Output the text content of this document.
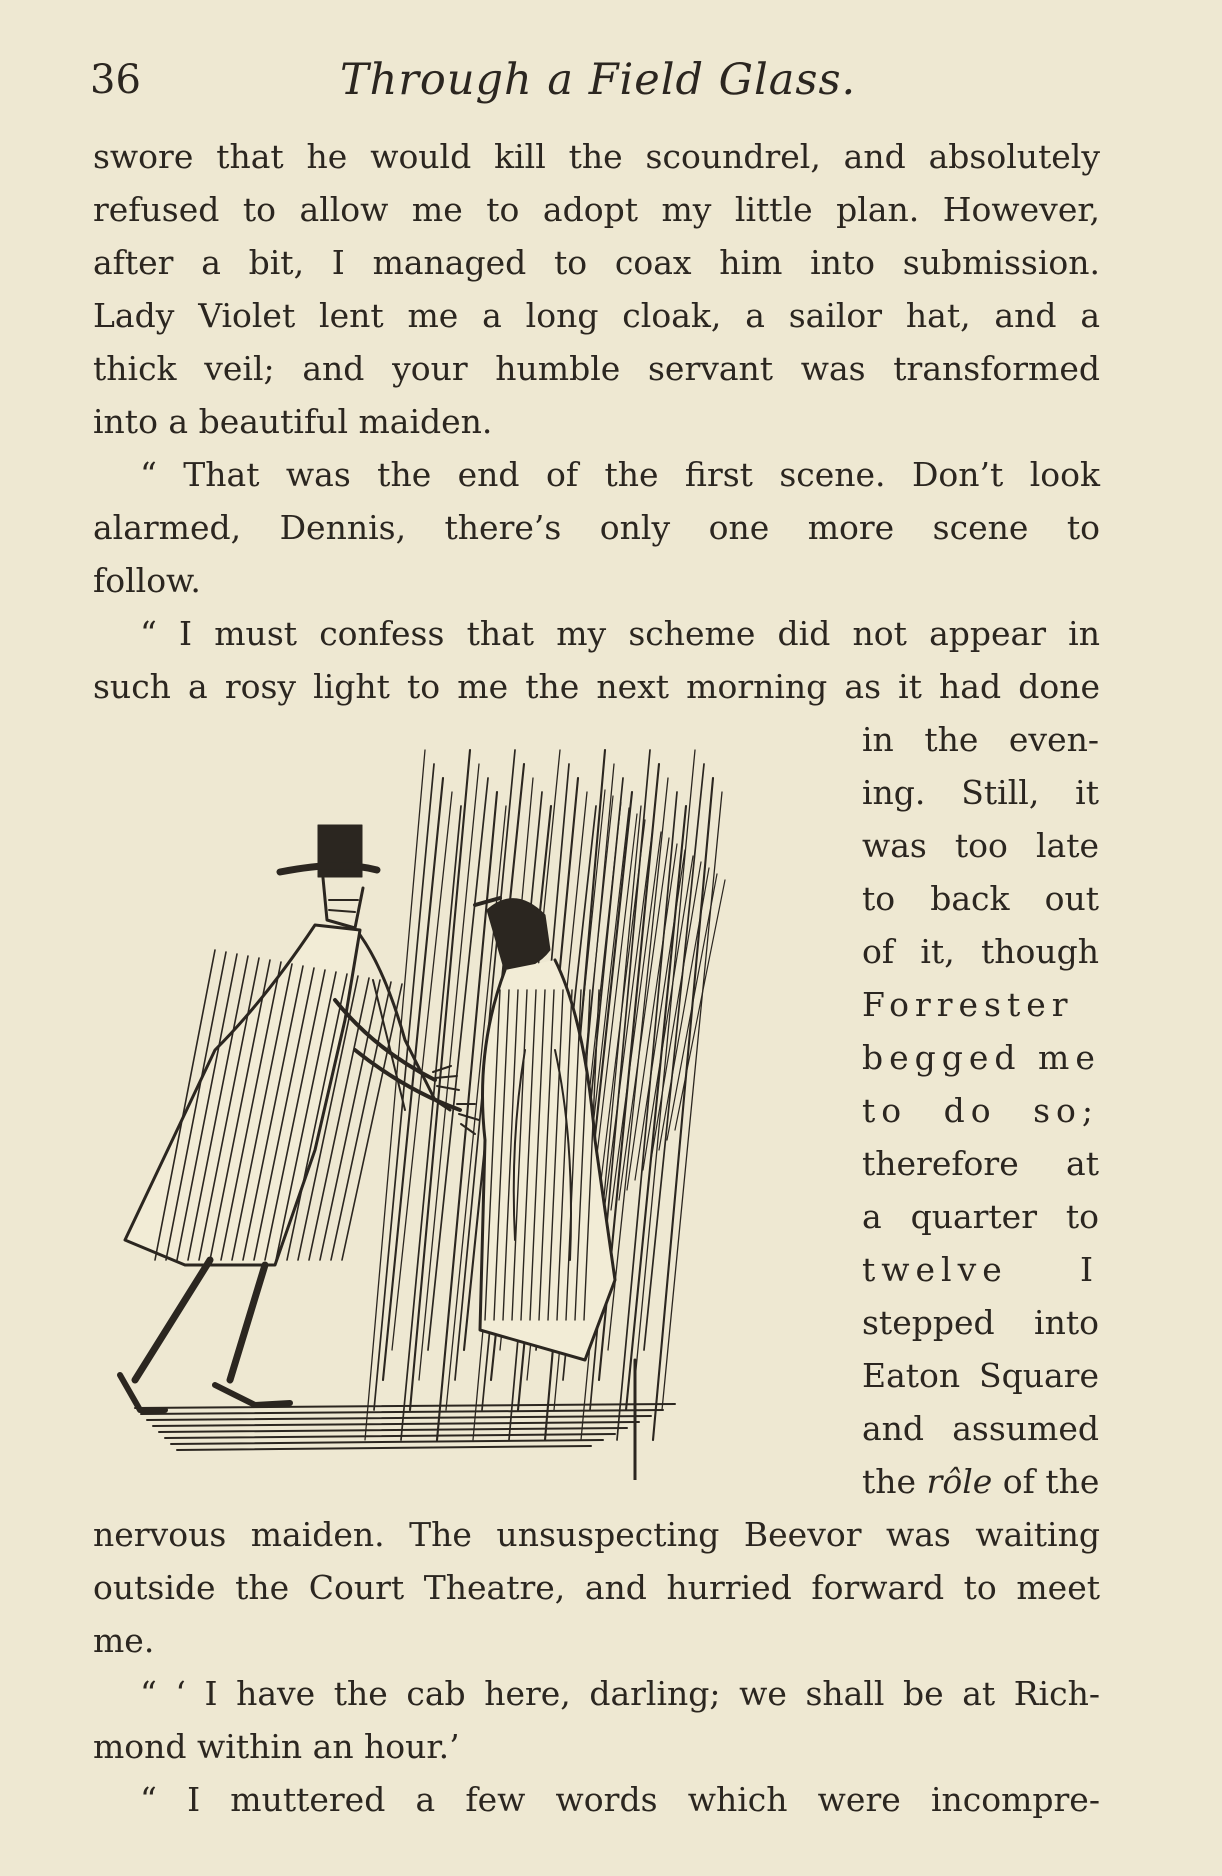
36	Through a Field Glass.
swore that he would kill the scoundrel, and absolutely
refused to allow me to adopt my little plan. However,
after a bit, I managed to coax him into submission.
Lady Violet lent me a long cloak, a sailor hat, and a
thick veil; and your humble servant was transformed
into a beautiful maiden.
“ That was the end of the first scene. Don’t look
alarmed, Dennis, there’s only one more scene to
follow.
“ I must confess that my scheme did not appear in
such a rosy light to me the next morning as it had done
in the even-
ing. Still, it
was too late
to back out
of it, though
Forrester
begged me
to do so;
therefore at
a quarter to
twelve I
stepped into
Eaton Square
and assumed
the rôle of the
nervous maiden. The unsuspecting Beevor was waiting
outside the Court Theatre, and hurried forward to meet
me.
“ ‘ I have the cab here, darling; we shall be at Rich-
mond within an hour.’
“ I muttered a few words which were incompre-
